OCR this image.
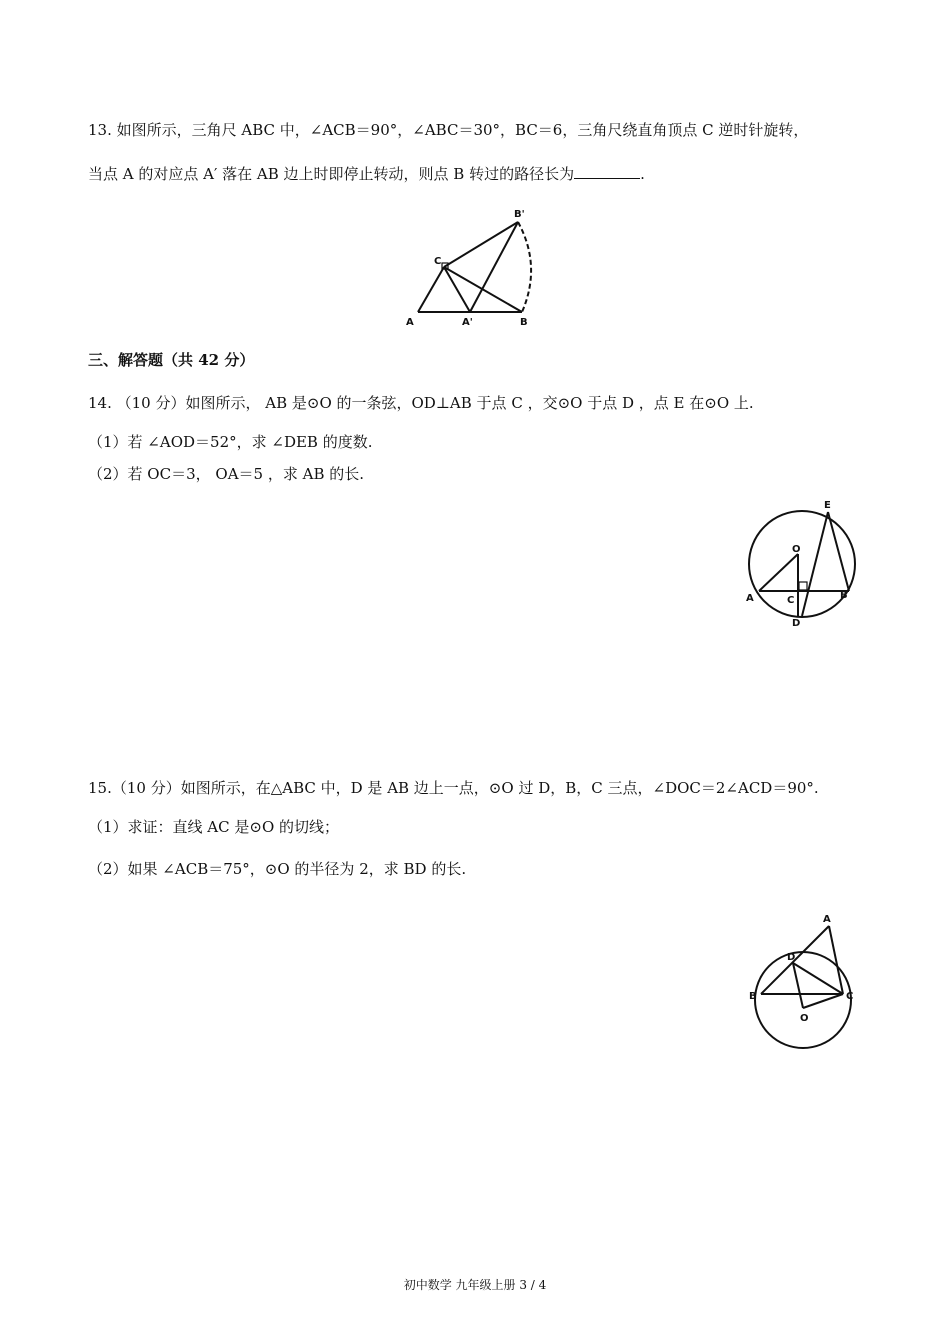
13. 如图所示，三角尺 ABC 中，∠ACB＝90°，∠ABC＝30°，BC＝6，三角尺绕直角顶点 C 逆时针旋转，
当点 A 的对应点 A′ 落在 AB 边上时即停止转动，则点 B 转过的路径长为	.
A	A'	B
B'
C
三、解答题（共 42 分）
14. （10 分）如图所示， AB 是⊙O 的一条弦，OD⊥AB 于点 C ，交⊙O 于点 D ，点 E 在⊙O 上.
（1）若 ∠AOD＝52°，求 ∠DEB 的度数.
（2）若 OC＝3， OA＝5 ，求 AB 的长.
O
A	C	B
D
E
15.（10 分）如图所示，在△ABC 中，D 是 AB 边上一点，⊙O 过 D，B，C 三点，∠DOC＝2∠ACD＝90°.
（1）求证：直线 AC 是⊙O 的切线；
（2）如果 ∠ACB＝75°，⊙O 的半径为 2，求 BD 的长.
A
D
B	C
O
初中数学 九年级上册 3 / 4
